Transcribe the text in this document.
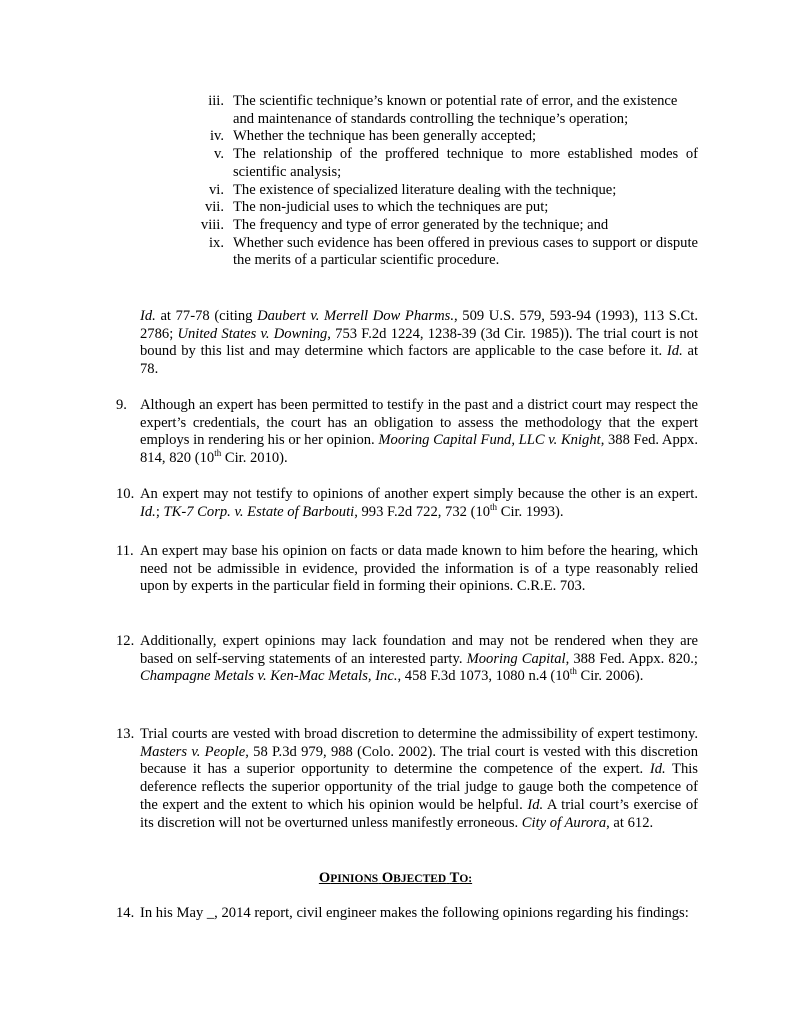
iii. The scientific technique’s known or potential rate of error, and the existence and maintenance of standards controlling the technique’s operation;
iv. Whether the technique has been generally accepted;
v. The relationship of the proffered technique to more established modes of scientific analysis;
vi. The existence of specialized literature dealing with the technique;
vii. The non-judicial uses to which the techniques are put;
viii. The frequency and type of error generated by the technique; and
ix. Whether such evidence has been offered in previous cases to support or dispute the merits of a particular scientific procedure.
Id. at 77-78 (citing Daubert v. Merrell Dow Pharms., 509 U.S. 579, 593-94 (1993), 113 S.Ct. 2786; United States v. Downing, 753 F.2d 1224, 1238-39 (3d Cir. 1985)). The trial court is not bound by this list and may determine which factors are applicable to the case before it. Id. at 78.
9. Although an expert has been permitted to testify in the past and a district court may respect the expert’s credentials, the court has an obligation to assess the methodology that the expert employs in rendering his or her opinion. Mooring Capital Fund, LLC v. Knight, 388 Fed. Appx. 814, 820 (10th Cir. 2010).
10. An expert may not testify to opinions of another expert simply because the other is an expert. Id.; TK-7 Corp. v. Estate of Barbouti, 993 F.2d 722, 732 (10th Cir. 1993).
11. An expert may base his opinion on facts or data made known to him before the hearing, which need not be admissible in evidence, provided the information is of a type reasonably relied upon by experts in the particular field in forming their opinions. C.R.E. 703.
12. Additionally, expert opinions may lack foundation and may not be rendered when they are based on self-serving statements of an interested party. Mooring Capital, 388 Fed. Appx. 820.; Champagne Metals v. Ken-Mac Metals, Inc., 458 F.3d 1073, 1080 n.4 (10th Cir. 2006).
13. Trial courts are vested with broad discretion to determine the admissibility of expert testimony. Masters v. People, 58 P.3d 979, 988 (Colo. 2002). The trial court is vested with this discretion because it has a superior opportunity to determine the competence of the expert. Id. This deference reflects the superior opportunity of the trial judge to gauge both the competence of the expert and the extent to which his opinion would be helpful. Id. A trial court’s exercise of its discretion will not be overturned unless manifestly erroneous. City of Aurora, at 612.
OPINIONS OBJECTED TO:
14. In his May _, 2014 report, civil engineer makes the following opinions regarding his findings:
